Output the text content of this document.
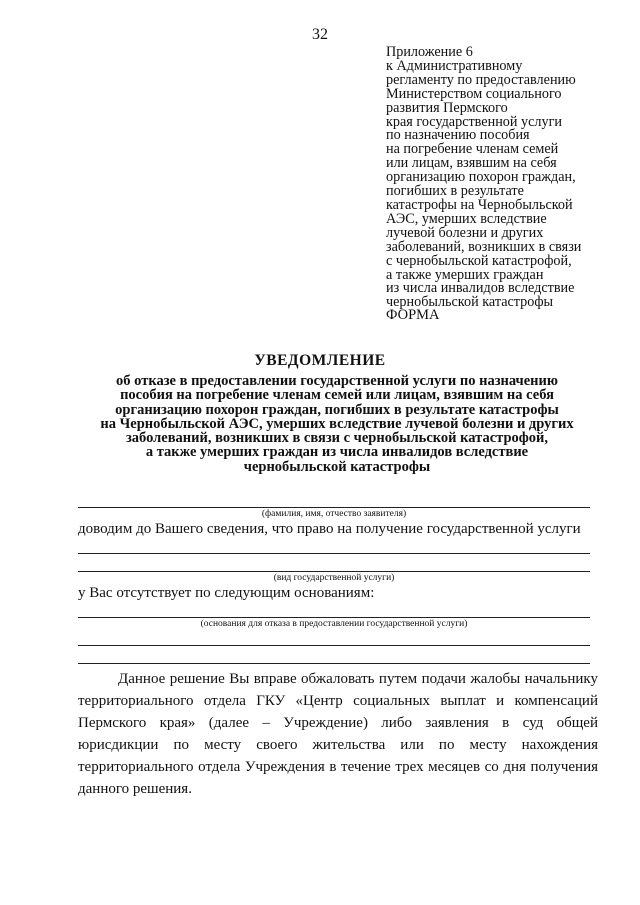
32
Приложение 6
к Административному
регламенту по предоставлению
Министерством социального
развития Пермского
края государственной услуги
по назначению пособия
на погребение членам семей
или лицам, взявшим на себя
организацию похорон граждан,
погибших в результате
катастрофы на Чернобыльской
АЭС, умерших вследствие
лучевой болезни и других
заболеваний, возникших в связи
с чернобыльской катастрофой,
а также умерших граждан
из числа инвалидов вследствие
чернобыльской катастрофы
ФОРМА
УВЕДОМЛЕНИЕ
об отказе в предоставлении государственной услуги по назначению
пособия на погребение членам семей или лицам, взявшим на себя
организацию похорон граждан, погибших в результате катастрофы
на Чернобыльской АЭС, умерших вследствие лучевой болезни и других
заболеваний, возникших в связи с чернобыльской катастрофой,
а также умерших граждан из числа инвалидов вследствие
чернобыльской катастрофы
(фамилия, имя, отчество заявителя)
доводим до Вашего сведения, что право на получение государственной услуги
(вид государственной услуги)
у Вас отсутствует по следующим основаниям:
(основания для отказа в предоставлении государственной услуги)
Данное решение Вы вправе обжаловать путем подачи жалобы начальнику
территориального отдела ГКУ «Центр социальных выплат и компенсаций
Пермского края» (далее – Учреждение) либо заявления в суд общей
юрисдикции по месту своего жительства или по месту нахождения
территориального отдела Учреждения в течение трех месяцев со дня получения
данного решения.
